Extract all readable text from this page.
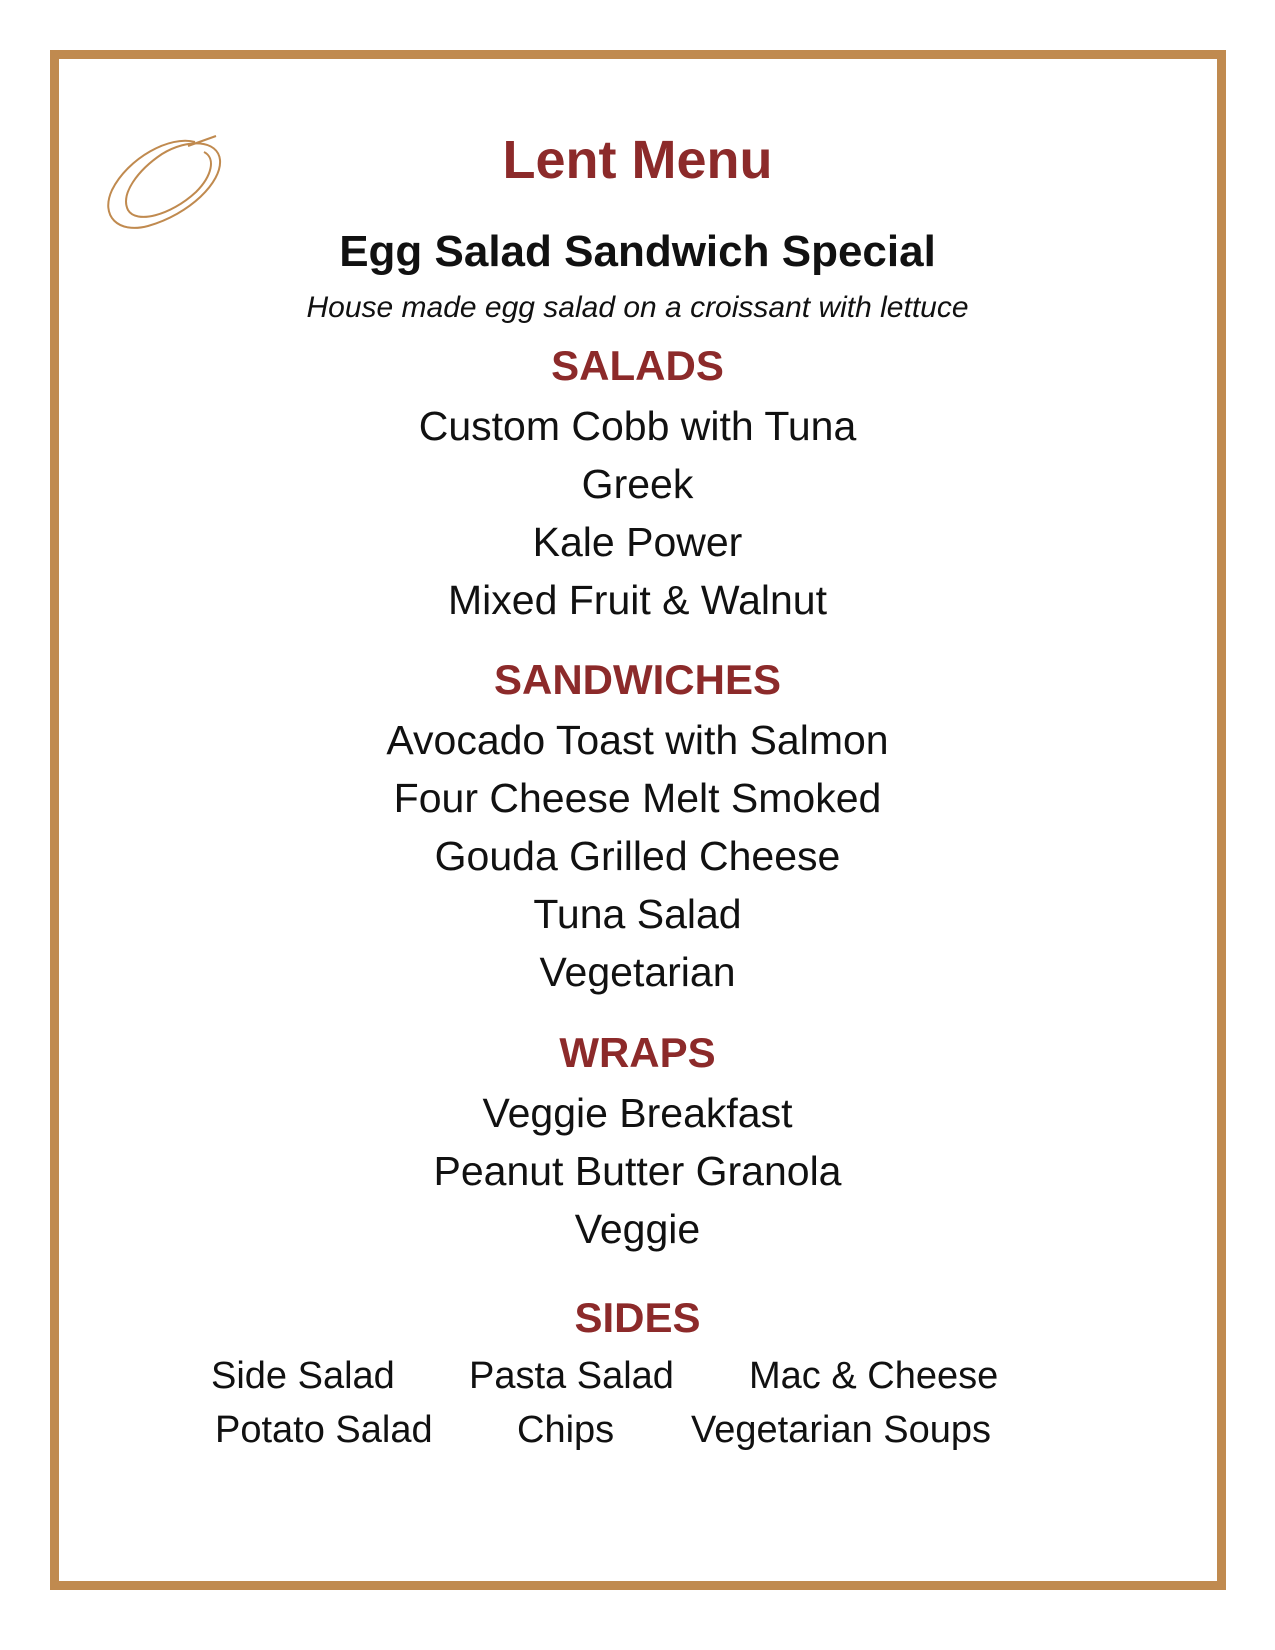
Lent Menu
Egg Salad Sandwich Special
House made egg salad on a croissant with lettuce
SALADS
Custom Cobb with Tuna
Greek
Kale Power
Mixed Fruit & Walnut
SANDWICHES
Avocado Toast with Salmon
Four Cheese Melt Smoked
Gouda Grilled Cheese
Tuna Salad
Vegetarian
WRAPS
Veggie Breakfast
Peanut Butter Granola
Veggie
SIDES
Side Salad Pasta Salad Mac & Cheese
Potato Salad Chips Vegetarian Soups
